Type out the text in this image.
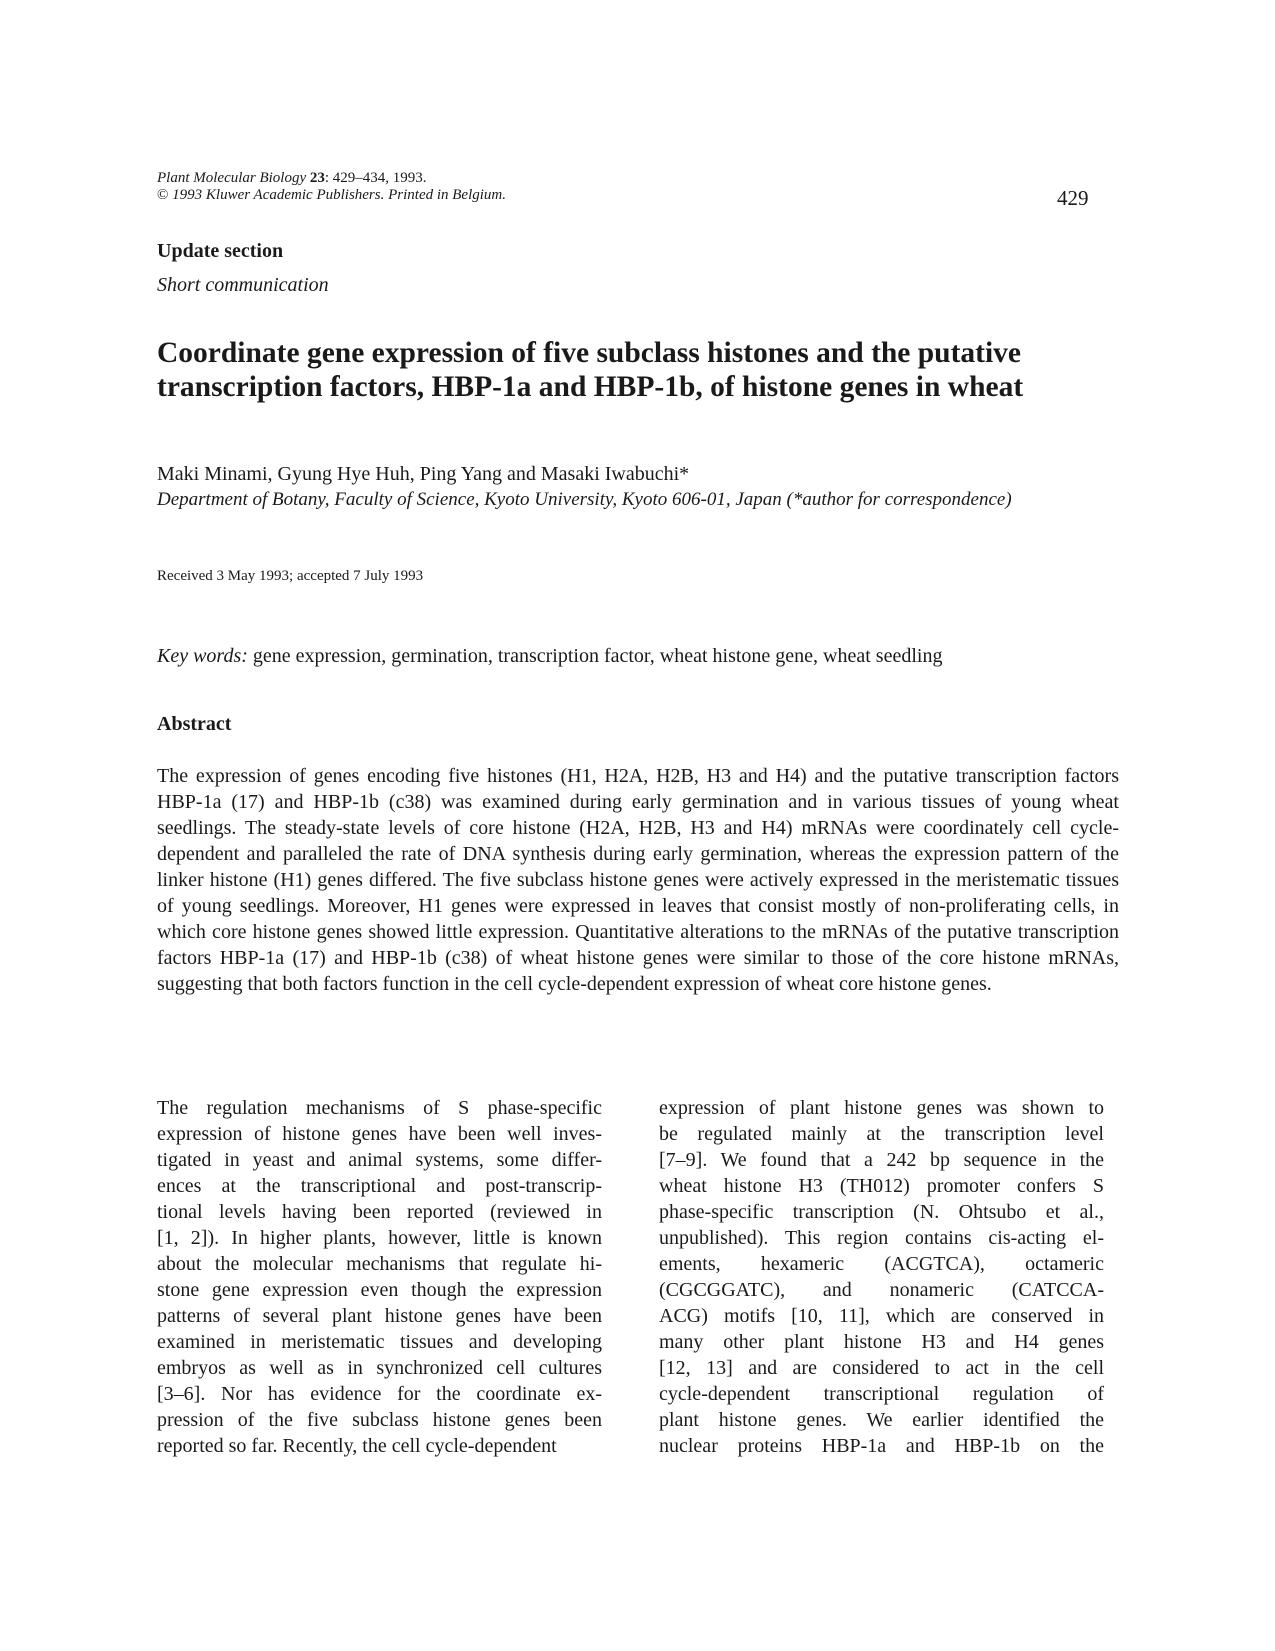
Plant Molecular Biology 23: 429–434, 1993.
© 1993 Kluwer Academic Publishers. Printed in Belgium.	429
Update section
Short communication
Coordinate gene expression of five subclass histones and the putative transcription factors, HBP-1a and HBP-1b, of histone genes in wheat
Maki Minami, Gyung Hye Huh, Ping Yang and Masaki Iwabuchi*
Department of Botany, Faculty of Science, Kyoto University, Kyoto 606-01, Japan (*author for correspondence)
Received 3 May 1993; accepted 7 July 1993
Key words: gene expression, germination, transcription factor, wheat histone gene, wheat seedling
Abstract
The expression of genes encoding five histones (H1, H2A, H2B, H3 and H4) and the putative transcription factors HBP-1a (17) and HBP-1b (c38) was examined during early germination and in various tissues of young wheat seedlings. The steady-state levels of core histone (H2A, H2B, H3 and H4) mRNAs were coordinately cell cycle-dependent and paralleled the rate of DNA synthesis during early germination, whereas the expression pattern of the linker histone (H1) genes differed. The five subclass histone genes were actively expressed in the meristematic tissues of young seedlings. Moreover, H1 genes were expressed in leaves that consist mostly of non-proliferating cells, in which core histone genes showed little expression. Quantitative alterations to the mRNAs of the putative transcription factors HBP-1a (17) and HBP-1b (c38) of wheat histone genes were similar to those of the core histone mRNAs, suggesting that both factors function in the cell cycle-dependent expression of wheat core histone genes.
The regulation mechanisms of S phase-specific
expression of histone genes have been well inves-
tigated in yeast and animal systems, some differ-
ences at the transcriptional and post-transcrip-
tional levels having been reported (reviewed in
[1, 2]). In higher plants, however, little is known
about the molecular mechanisms that regulate hi-
stone gene expression even though the expression
patterns of several plant histone genes have been
examined in meristematic tissues and developing
embryos as well as in synchronized cell cultures
[3–6]. Nor has evidence for the coordinate ex-
pression of the five subclass histone genes been
reported so far. Recently, the cell cycle-dependent
expression of plant histone genes was shown to
be regulated mainly at the transcription level
[7–9]. We found that a 242 bp sequence in the
wheat histone H3 (TH012) promoter confers S
phase-specific transcription (N. Ohtsubo et al.,
unpublished). This region contains cis-acting el-
ements, hexameric (ACGTCA), octameric
(CGCGGATC), and nonameric (CATCCA-
ACG) motifs [10, 11], which are conserved in
many other plant histone H3 and H4 genes
[12, 13] and are considered to act in the cell
cycle-dependent transcriptional regulation of
plant histone genes. We earlier identified the
nuclear proteins HBP-1a and HBP-1b on the
